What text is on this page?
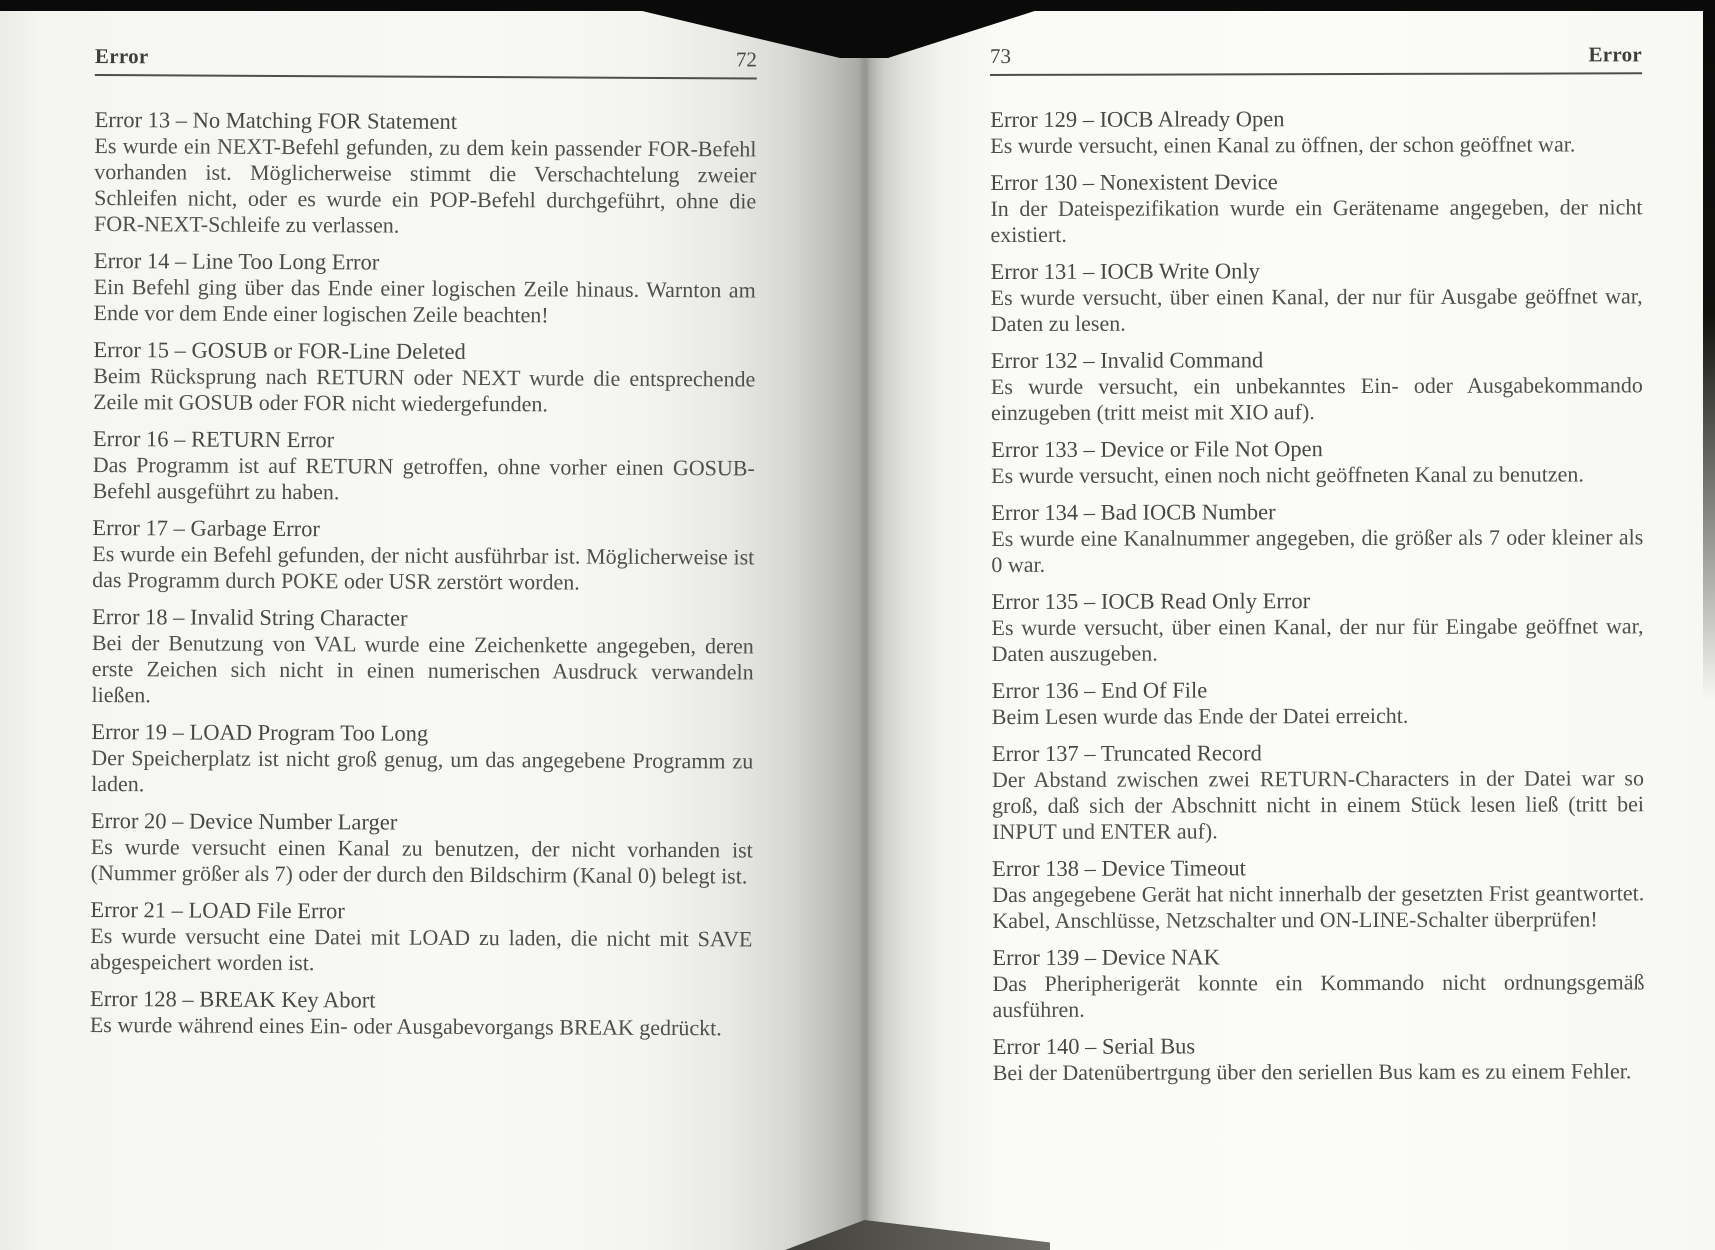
Error	72
Error 13 – No Matching FOR Statement

Es wurde ein NEXT-Befehl gefunden, zu dem kein passender FOR-Befehl vorhanden ist. Möglicherweise stimmt die Verschachtelung zweier Schleifen nicht, oder es wurde ein POP-Befehl durchgeführt, ohne die FOR-NEXT-Schleife zu verlassen.

Error 14 – Line Too Long Error

Ein Befehl ging über das Ende einer logischen Zeile hinaus. Warnton am Ende vor dem Ende einer logischen Zeile beachten!

Error 15 – GOSUB or FOR-Line Deleted

Beim Rücksprung nach RETURN oder NEXT wurde die entsprechende Zeile mit GOSUB oder FOR nicht wiedergefunden.

Error 16 – RETURN Error

Das Programm ist auf RETURN getroffen, ohne vorher einen GOSUB-Befehl ausgeführt zu haben.

Error 17 – Garbage Error

Es wurde ein Befehl gefunden, der nicht ausführbar ist. Möglicherweise ist das Programm durch POKE oder USR zerstört worden.

Error 18 – Invalid String Character

Bei der Benutzung von VAL wurde eine Zeichenkette angegeben, deren erste Zeichen sich nicht in einen numerischen Ausdruck verwandeln ließen.

Error 19 – LOAD Program Too Long

Der Speicherplatz ist nicht groß genug, um das angegebene Programm zu laden.

Error 20 – Device Number Larger

Es wurde versucht einen Kanal zu benutzen, der nicht vorhanden ist (Nummer größer als 7) oder der durch den Bildschirm (Kanal 0) belegt ist.

Error 21 – LOAD File Error

Es wurde versucht eine Datei mit LOAD zu laden, die nicht mit SAVE abgespeichert worden ist.

Error 128 – BREAK Key Abort

Es wurde während eines Ein- oder Ausgabevorgangs BREAK gedrückt.

73	Error
Error 129 – IOCB Already Open

Es wurde versucht, einen Kanal zu öffnen, der schon geöffnet war.

Error 130 – Nonexistent Device

In der Dateispezifikation wurde ein Gerätename angegeben, der nicht existiert.

Error 131 – IOCB Write Only

Es wurde versucht, über einen Kanal, der nur für Ausgabe geöffnet war, Daten zu lesen.

Error 132 – Invalid Command

Es wurde versucht, ein unbekanntes Ein- oder Ausgabekommando einzugeben (tritt meist mit XIO auf).

Error 133 – Device or File Not Open

Es wurde versucht, einen noch nicht geöffneten Kanal zu benutzen.

Error 134 – Bad IOCB Number

Es wurde eine Kanalnummer angegeben, die größer als 7 oder kleiner als 0 war.

Error 135 – IOCB Read Only Error

Es wurde versucht, über einen Kanal, der nur für Eingabe geöffnet war, Daten auszugeben.

Error 136 – End Of File

Beim Lesen wurde das Ende der Datei erreicht.

Error 137 – Truncated Record

Der Abstand zwischen zwei RETURN-Characters in der Datei war so groß, daß sich der Abschnitt nicht in einem Stück lesen ließ (tritt bei INPUT und ENTER auf).

Error 138 – Device Timeout

Das angegebene Gerät hat nicht innerhalb der gesetzten Frist geantwortet. Kabel, Anschlüsse, Netzschalter und ON-LINE-Schalter überprüfen!

Error 139 – Device NAK

Das Pheripherigerät konnte ein Kommando nicht ordnungsgemäß ausführen.

Error 140 – Serial Bus

Bei der Datenübertrgung über den seriellen Bus kam es zu einem Fehler.
